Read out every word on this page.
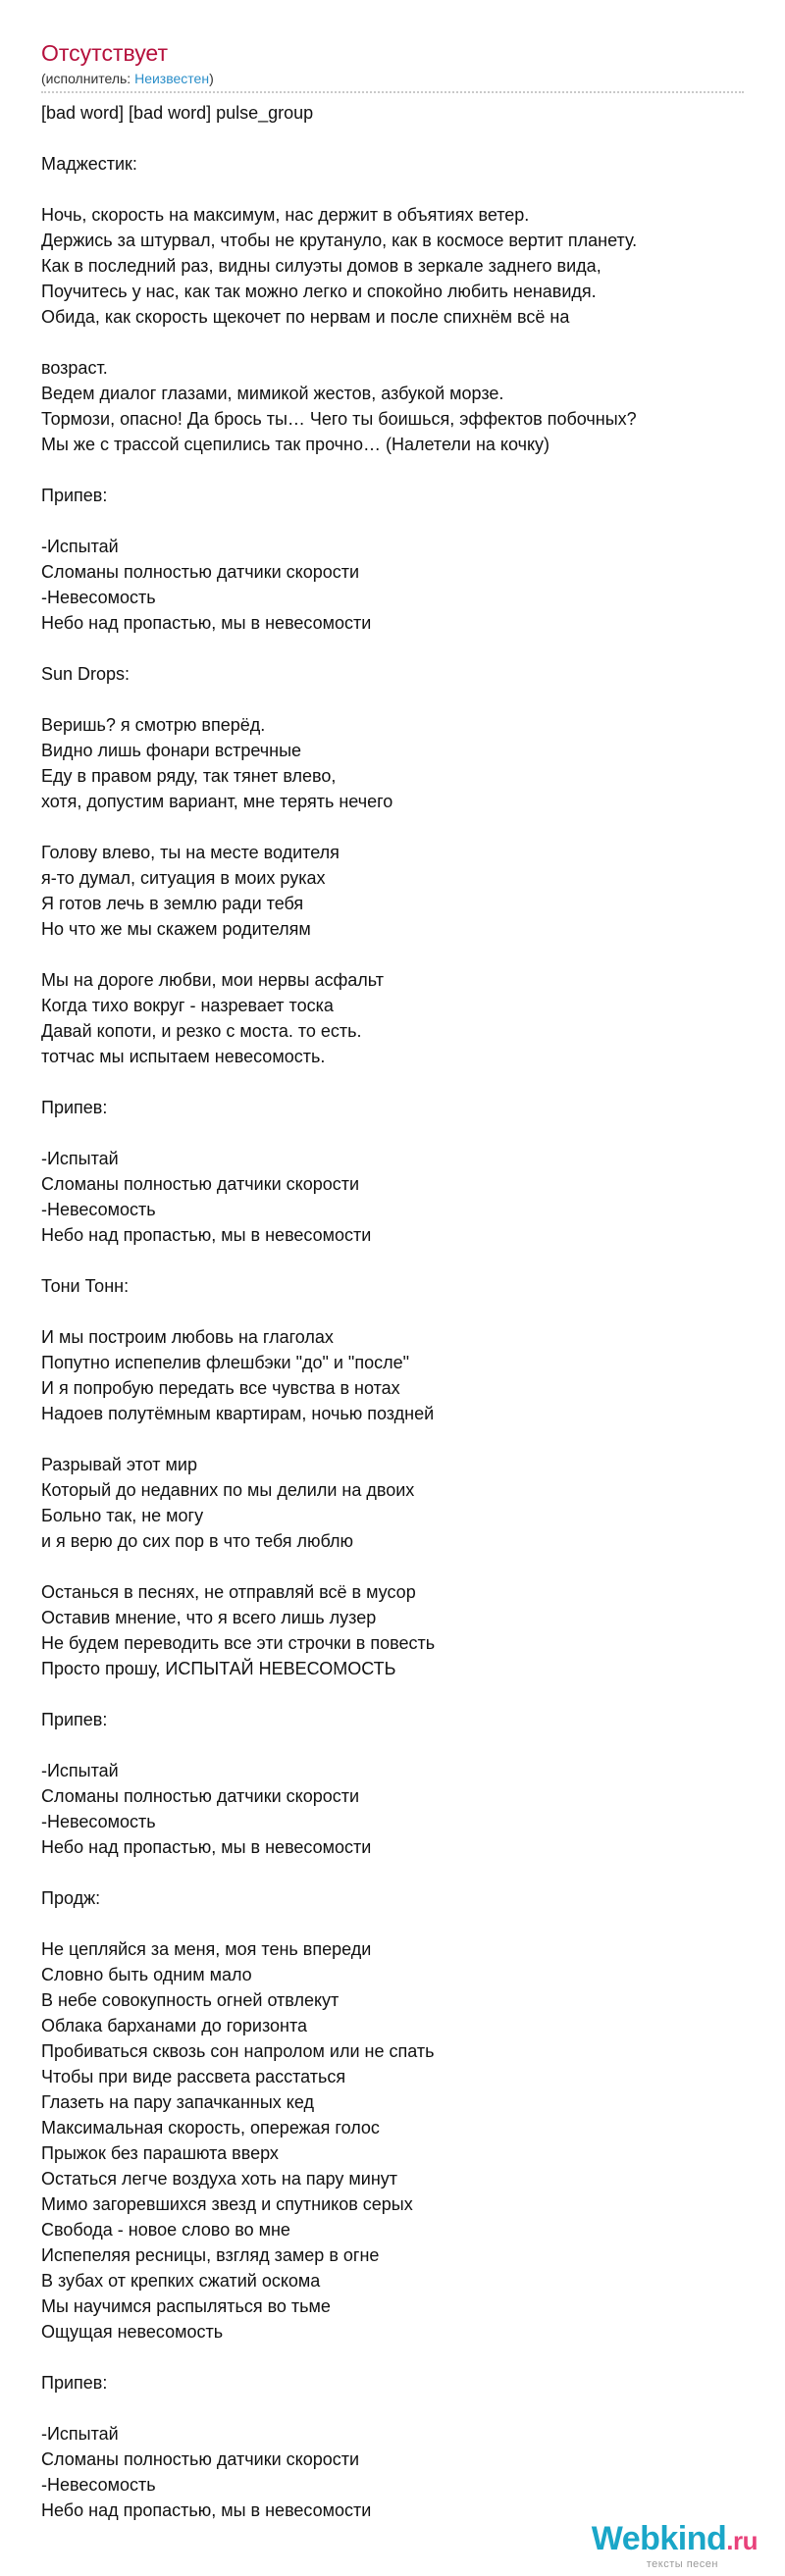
Отсутствует
(исполнитель: Неизвестен)
[bad word] [bad word] pulse_group
Маджестик:
Ночь, скорость на максимум, нас держит в объятиях ветер.
Держись за штурвал, чтобы не крутануло, как в космосе вертит планету.
Как в последний раз, видны силуэты домов в зеркале заднего вида,
Поучитесь у нас, как так можно легко и спокойно любить ненавидя.
Обида, как скорость щекочет по нервам и после спихнём всё на
возраст.
Ведем диалог глазами, мимикой жестов, азбукой морзе.
Тормози, опасно! Да брось ты… Чего ты боишься, эффектов побочных?
Мы же с трассой сцепились так прочно… (Налетели на кочку)
Припев:
-Испытай
Сломаны полностью датчики скорости
-Невесомость
Небо над пропастью, мы в невесомости
Sun Drops:
Веришь? я смотрю вперёд.
Видно лишь фонари встречные
Еду в правом ряду, так тянет влево,
хотя, допустим вариант, мне терять нечего
Голову влево, ты на месте водителя
я-то думал, ситуация в моих руках
Я готов лечь в землю ради тебя
Но что же мы скажем родителям
Мы на дороге любви, мои нервы асфальт
Когда тихо вокруг - назревает тоска
Давай копоти, и резко с моста. то есть.
тотчас мы испытаем невесомость.
Припев:
-Испытай
Сломаны полностью датчики скорости
-Невесомость
Небо над пропастью, мы в невесомости
Тони Тонн:
И мы построим любовь на глаголах
Попутно испепелив флешбэки "до" и "после"
И я попробую передать все чувства в нотах
Надоев полутёмным квартирам, ночью поздней
Разрывай этот мир
Который до недавних по мы делили на двоих
Больно так, не могу
и я верю до сих пор в что тебя люблю
Останься в песнях, не отправляй всё в мусор
Оставив мнение, что я всего лишь лузер
Не будем переводить все эти строчки в повесть
Просто прошу, ИСПЫТАЙ НЕВЕСОМОСТЬ
Припев:
-Испытай
Сломаны полностью датчики скорости
-Невесомость
Небо над пропастью, мы в невесомости
Продж:
Не цепляйся за меня, моя тень впереди
Словно быть одним мало
В небе совокупность огней отвлекут
Облака барханами до горизонта
Пробиваться сквозь сон напролом или не спать
Чтобы при виде рассвета расстаться
Глазеть на пару запачканных кед
Максимальная скорость, опережая голос
Прыжок без парашюта вверх
Остаться легче воздуха хоть на пару минут
Мимо загоревшихся звезд и спутников серых
Свобода - новое слово во мне
Испепеляя ресницы, взгляд замер в огне
В зубах от крепких сжатий оскома
Мы научимся распыляться во тьме
Ощущая невесомость
Припев:
-Испытай
Сломаны полностью датчики скорости
-Невесомость
Небо над пропастью, мы в невесомости
Webkind.ru
тексты песен
